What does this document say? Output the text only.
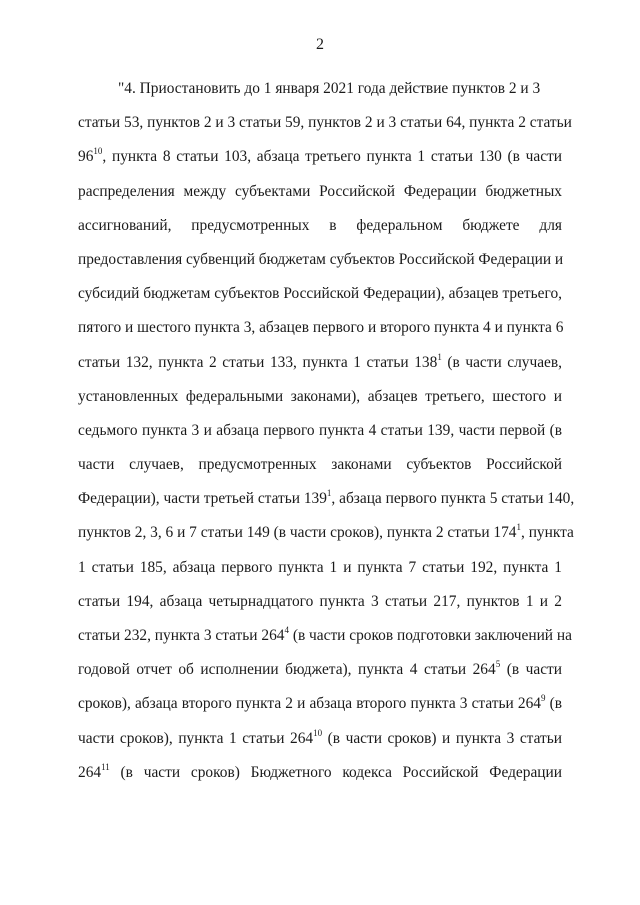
2
"4. Приостановить до 1 января 2021 года действие пунктов 2 и 3
статьи 53, пунктов 2 и 3 статьи 59, пунктов 2 и 3 статьи 64, пункта 2 статьи
$96^{10}$, пункта 8 статьи 103, абзаца третьего пункта 1 статьи 130 (в части
распределения между субъектами Российской Федерации бюджетных
ассигнований, предусмотренных в федеральном бюджете для
предоставления субвенций бюджетам субъектов Российской Федерации и
субсидий бюджетам субъектов Российской Федерации), абзацев третьего,
пятого и шестого пункта 3, абзацев первого и второго пункта 4 и пункта 6
статьи 132, пункта 2 статьи 133, пункта 1 статьи $138^1$ (в части случаев,
установленных федеральными законами), абзацев третьего, шестого и
седьмого пункта 3 и абзаца первого пункта 4 статьи 139, части первой (в
части случаев, предусмотренных законами субъектов Российской
Федерации), части третьей статьи $139^1$, абзаца первого пункта 5 статьи 140,
пунктов 2, 3, 6 и 7 статьи 149 (в части сроков), пункта 2 статьи $174^1$, пункта
1 статьи 185, абзаца первого пункта 1 и пункта 7 статьи 192, пункта 1
статьи 194, абзаца четырнадцатого пункта 3 статьи 217, пунктов 1 и 2
статьи 232, пункта 3 статьи $264^4$ (в части сроков подготовки заключений на
годовой отчет об исполнении бюджета), пункта 4 статьи $264^5$ (в части
сроков), абзаца второго пункта 2 и абзаца второго пункта 3 статьи $264^9$ (в
части сроков), пункта 1 статьи $264^{10}$ (в части сроков) и пункта 3 статьи
$264^{11}$ (в части сроков) Бюджетного кодекса Российской Федерации
